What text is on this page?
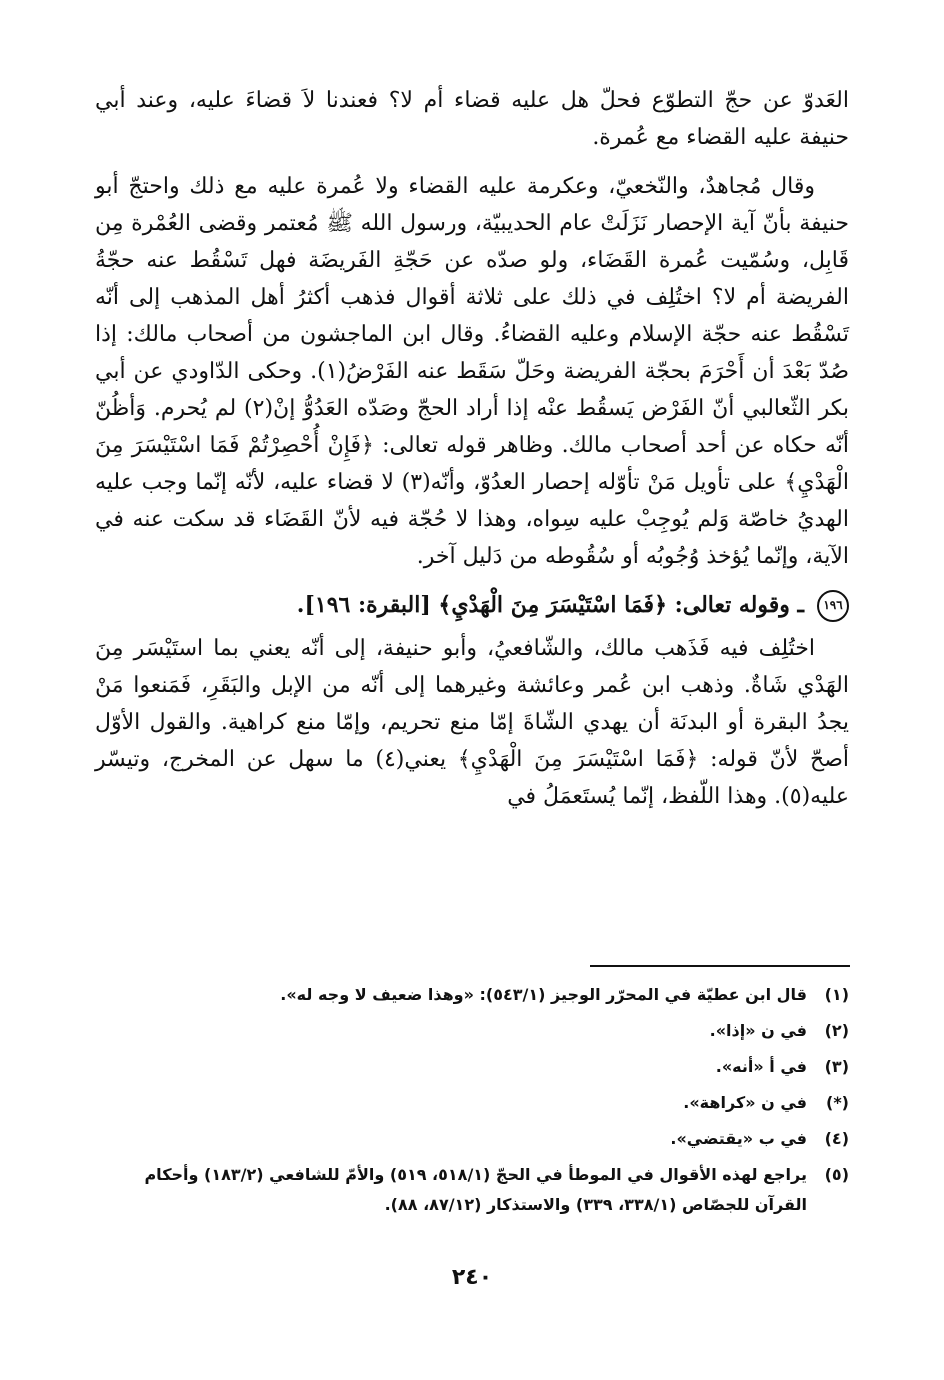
العَدوّ عن حجّ التطوّع فحلّ هل عليه قضاء أم لا؟ فعندنا لاَ قضاءَ عليه، وعند أبي حنيفة عليه القضاء مع عُمرة.

وقال مُجاهدٌ، والنّخعيّ، وعكرمة عليه القضاء ولا عُمرة عليه مع ذلك واحتجّ أبو حنيفة بأنّ آية الإحصار نَزَلَتْ عام الحديبيّة، ورسول الله ﷺ مُعتمر وقضى العُمْرة مِن قَابِل، وسُمّيت عُمرة القَضَاء، ولو صدّه عن حَجّةِ الفَريضَة فهل تَسْقُط عنه حجّةُ الفريضة أم لا؟ اختُلِف في ذلك على ثلاثة أقوال فذهب أكثرُ أهل المذهب إلى أنّه تَسْقُط عنه حجّة الإسلام وعليه القضاءُ. وقال ابن الماجشون من أصحاب مالك: إذا صُدّ بَعْدَ أن أَحْرَمَ بحجّة الفريضة وحَلّ سَقَط عنه الفَرْضُ(١). وحكى الدّاودي عن أبي بكر الثّعالبي أنّ الفَرْض يَسقُط عنْه إذا أراد الحجّ وصَدّه العَدُوُّ إنْ(٢) لم يُحرم. وَأظُنّ أنّه حكاه عن أحد أصحاب مالك. وظاهر قوله تعالى: ﴿فَإِنْ أُحْصِرْتُمْ فَمَا اسْتَيْسَرَ مِنَ الْهَدْيِ﴾ على تأويل مَنْ تأوّله إحصار العدُوّ، وأنّه(٣) لا قضاء عليه، لأنّه إنّما وجب عليه الهديُ خاصّة وَلم يُوجِبْ عليه سِواه، وهذا لا حُجّة فيه لأنّ القَضَاء قد سكت عنه في الآية، وإنّما يُؤخذ وُجُوبُه أو سُقُوطه من دَليل آخر.

١٩٦ ـ وقوله تعالى: ﴿فَمَا اسْتَيْسَرَ مِنَ الْهَدْيِ﴾ [البقرة: ١٩٦].

اختُلِف فيه فَذَهب مالك، والشّافعيُ، وأبو حنيفة، إلى أنّه يعني بما استَيْسَر مِنَ الهَدْي شَاةٌ. وذهب ابن عُمر وعائشة وغيرهما إلى أنّه من الإبل والبَقَرِ، فَمَنعوا مَنْ يجدُ البقرة أو البدنَة أن يهدي الشّاةَ إمّا منع تحريم، وإمّا منع كراهية. والقول الأوّل أصحّ لأنّ قوله: ﴿فَمَا اسْتَيْسَرَ مِنَ الْهَدْيِ﴾ يعني(٤) ما سهل عن المخرج، وتيسّر عليه(٥). وهذا اللّفظ، إنّما يُستَعمَلُ في

(١)
قال ابن عطيّة في المحرّر الوجيز (٥٤٣/١): «وهذا ضعيف لا وجه له».
(٢)
في ن «إذا».
(٣)
في أ «أنه».
(*)
في ن «كراهة».
(٤)
في ب «يقتضي».
(٥)
يراجع لهذه الأقوال في الموطأ في الحجّ (٥١٨/١، ٥١٩) والأمّ للشافعي (١٨٣/٢) وأحكام القرآن للجصّاص (٣٣٨/١، ٣٣٩) والاستذكار (٨٧/١٢، ٨٨).
٢٤٠
